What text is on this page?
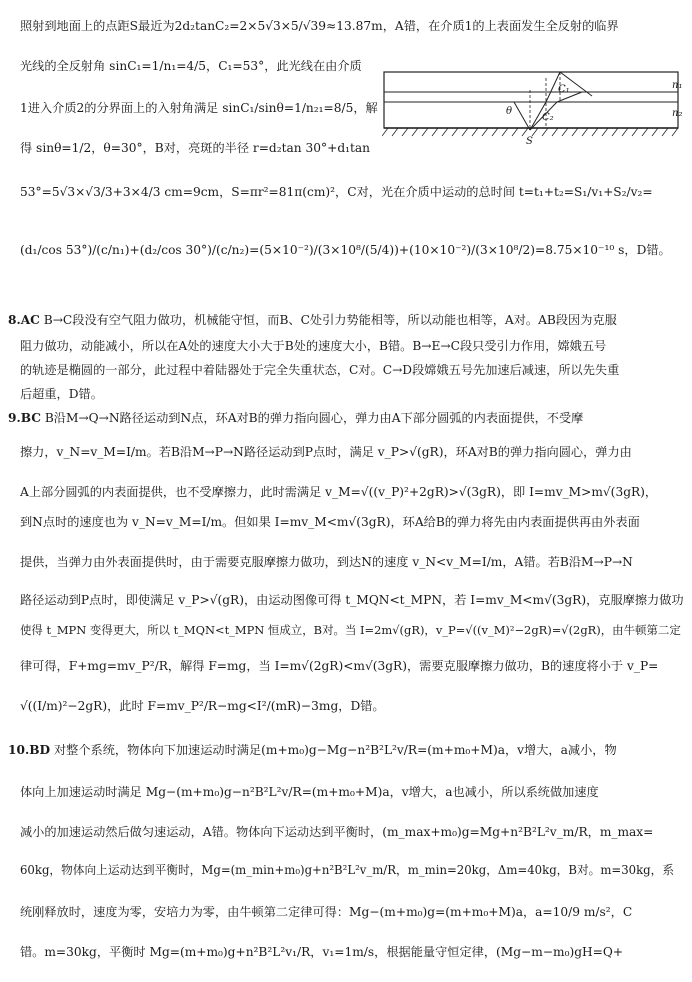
照射到地面上的点距S最近为2d₂tanC₂=2×5√3×5/√39≈13.87m，A错，在介质1的上表面发生全反射的临界
光线的全反射角 sinC₁=1/n₁=4/5，C₁=53°，此光线在由介质
1进入介质2的分界面上的入射角满足 sinC₁/sinθ=1/n₂₁=8/5，解
得 sinθ=1/2，θ=30°，B对，亮斑的半径 r=d₂tan 30°+d₁tan
53°=5√3×√3/3+3×4/3 cm=9cm，S=πr²=81π(cm)²，C对，光在介质中运动的总时间 t=t₁+t₂=S₁/v₁+S₂/v₂=
(d₁/cos 53°)/(c/n₁)+(d₂/cos 30°)/(c/n₂)=(5×10⁻²)/(3×10⁸/(5/4))+(10×10⁻²)/(3×10⁸/2)=8.75×10⁻¹⁰ s，D错。
n₁
n₂
θ
C₁
C₂
S
8.AC B→C段没有空气阻力做功，机械能守恒，而B、C处引力势能相等，所以动能也相等，A对。AB段因为克服
阻力做功，动能减小，所以在A处的速度大小大于B处的速度大小，B错。B→E→C段只受引力作用，嫦娥五号
的轨迹是椭圆的一部分，此过程中着陆器处于完全失重状态，C对。C→D段嫦娥五号先加速后减速，所以先失重
后超重，D错。
9.BC B沿M→Q→N路径运动到N点，环A对B的弹力指向圆心，弹力由A下部分圆弧的内表面提供，不受摩
擦力，v_N=v_M=I/m。若B沿M→P→N路径运动到P点时，满足 v_P>√(gR)，环A对B的弹力指向圆心，弹力由
A上部分圆弧的内表面提供，也不受摩擦力，此时需满足 v_M=√((v_P)²+2gR)>√(3gR)，即 I=mv_M>m√(3gR)，
到N点时的速度也为 v_N=v_M=I/m。但如果 I=mv_M<m√(3gR)，环A给B的弹力将先由内表面提供再由外表面
提供，当弹力由外表面提供时，由于需要克服摩擦力做功，到达N的速度 v_N<v_M=I/m，A错。若B沿M→P→N
路径运动到P点时，即使满足 v_P>√(gR)，由运动图像可得 t_MQN<t_MPN，若 I=mv_M<m√(3gR)，克服摩擦力做功
使得 t_MPN 变得更大，所以 t_MQN<t_MPN 恒成立，B对。当 I=2m√(gR)，v_P=√((v_M)²−2gR)=√(2gR)，由牛顿第二定
律可得，F+mg=mv_P²/R，解得 F=mg，当 I=m√(2gR)<m√(3gR)，需要克服摩擦力做功，B的速度将小于 v_P=
√((I/m)²−2gR)，此时 F=mv_P²/R−mg<I²/(mR)−3mg，D错。
10.BD 对整个系统，物体向下加速运动时满足(m+m₀)g−Mg−n²B²L²v/R=(m+m₀+M)a，v增大，a减小，物
体向上加速运动时满足 Mg−(m+m₀)g−n²B²L²v/R=(m+m₀+M)a，v增大，a也减小，所以系统做加速度
减小的加速运动然后做匀速运动，A错。物体向下运动达到平衡时，(m_max+m₀)g=Mg+n²B²L²v_m/R，m_max=
60kg，物体向上运动达到平衡时，Mg=(m_min+m₀)g+n²B²L²v_m/R，m_min=20kg，Δm=40kg，B对。m=30kg，系
统刚释放时，速度为零，安培力为零，由牛顿第二定律可得：Mg−(m+m₀)g=(m+m₀+M)a，a=10/9 m/s²，C
错。m=30kg，平衡时 Mg=(m+m₀)g+n²B²L²v₁/R，v₁=1m/s，根据能量守恒定律，(Mg−m−m₀)gH=Q+
